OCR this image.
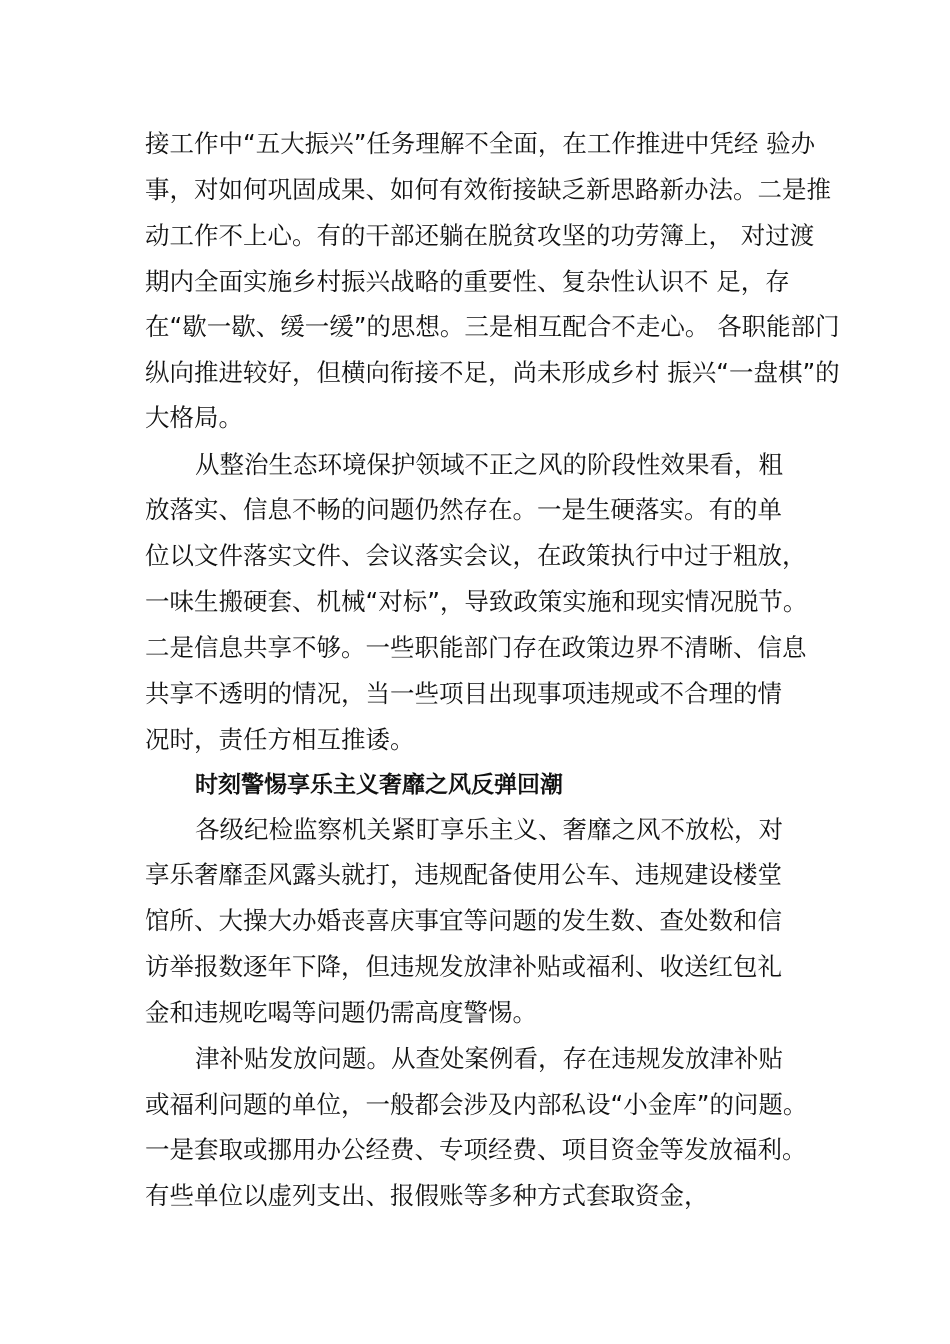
接工作中“五大振兴”任务理解不全面，在工作推进中凭经 验办
事，对如何巩固成果、如何有效衔接缺乏新思路新办法。二是推
动工作不上心。有的干部还躺在脱贫攻坚的功劳簿上， 对过渡
期内全面实施乡村振兴战略的重要性、复杂性认识不 足，存
在“歇一歇、缓一缓”的思想。三是相互配合不走心。 各职能部门
纵向推进较好，但横向衔接不足，尚未形成乡村 振兴“一盘棋”的
大格局。
从整治生态环境保护领域不正之风的阶段性效果看，粗
放落实、信息不畅的问题仍然存在。一是生硬落实。有的单
位以文件落实文件、会议落实会议，在政策执行中过于粗放，
一味生搬硬套、机械“对标”，导致政策实施和现实情况脱节。
二是信息共享不够。一些职能部门存在政策边界不清晰、信息
共享不透明的情况，当一些项目出现事项违规或不合理的情
况时，责任方相互推诿。
时刻警惕享乐主义奢靡之风反弹回潮
各级纪检监察机关紧盯享乐主义、奢靡之风不放松，对
享乐奢靡歪风露头就打，违规配备使用公车、违规建设楼堂
馆所、大操大办婚丧喜庆事宜等问题的发生数、查处数和信
访举报数逐年下降，但违规发放津补贴或福利、收送红包礼
金和违规吃喝等问题仍需高度警惕。
津补贴发放问题。从查处案例看，存在违规发放津补贴
或福利问题的单位，一般都会涉及内部私设“小金库”的问题。
一是套取或挪用办公经费、专项经费、项目资金等发放福利。
有些单位以虚列支出、报假账等多种方式套取资金，
